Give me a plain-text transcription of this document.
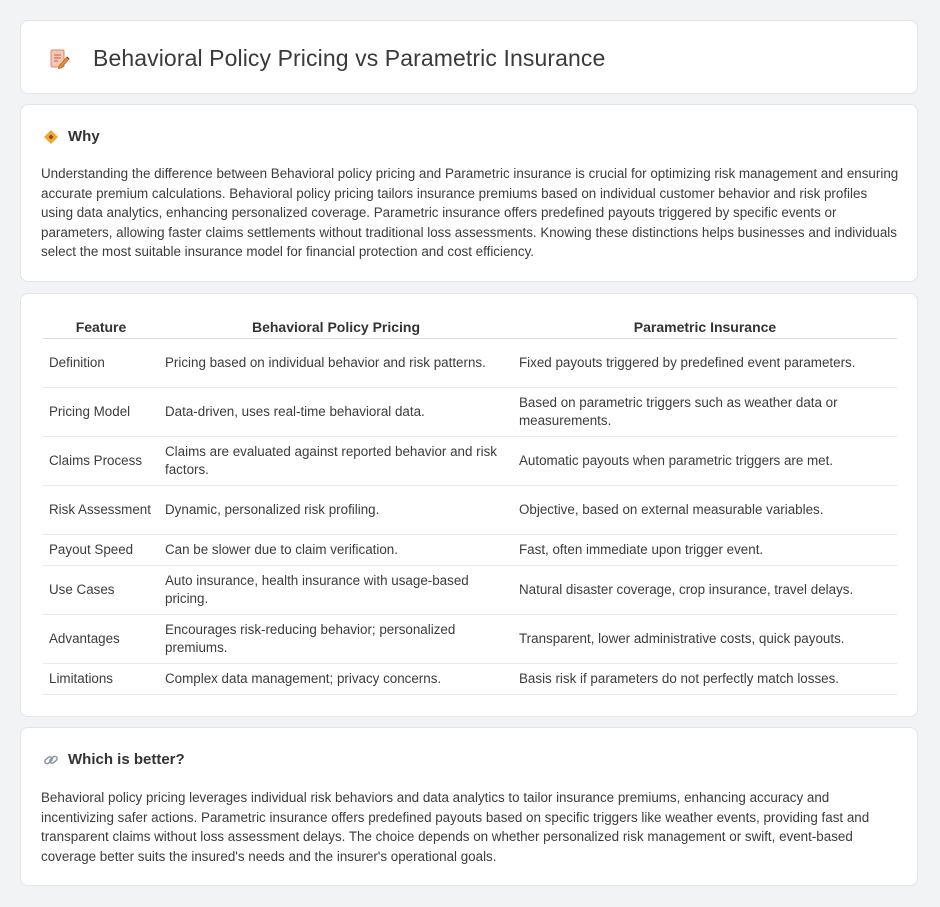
Behavioral Policy Pricing vs Parametric Insurance
Why

Understanding the difference between Behavioral policy pricing and Parametric insurance is crucial for optimizing risk management and ensuring accurate premium calculations. Behavioral policy pricing tailors insurance premiums based on individual customer behavior and risk profiles using data analytics, enhancing personalized coverage. Parametric insurance offers predefined payouts triggered by specific events or parameters, allowing faster claims settlements without traditional loss assessments. Knowing these distinctions helps businesses and individuals select the most suitable insurance model for financial protection and cost efficiency.

Feature	Behavioral Policy Pricing	Parametric Insurance
Definition	Pricing based on individual behavior and risk patterns.	Fixed payouts triggered by predefined event parameters.
Pricing Model	Data-driven, uses real-time behavioral data.	Based on parametric triggers such as weather data or measurements.
Claims Process	Claims are evaluated against reported behavior and risk factors.	Automatic payouts when parametric triggers are met.
Risk Assessment	Dynamic, personalized risk profiling.	Objective, based on external measurable variables.
Payout Speed	Can be slower due to claim verification.	Fast, often immediate upon trigger event.
Use Cases	Auto insurance, health insurance with usage-based pricing.	Natural disaster coverage, crop insurance, travel delays.
Advantages	Encourages risk-reducing behavior; personalized premiums.	Transparent, lower administrative costs, quick payouts.
Limitations	Complex data management; privacy concerns.	Basis risk if parameters do not perfectly match losses.
Which is better?

Behavioral policy pricing leverages individual risk behaviors and data analytics to tailor insurance premiums, enhancing accuracy and incentivizing safer actions. Parametric insurance offers predefined payouts based on specific triggers like weather events, providing fast and transparent claims without loss assessment delays. The choice depends on whether personalized risk management or swift, event-based coverage better suits the insured's needs and the insurer's operational goals.
